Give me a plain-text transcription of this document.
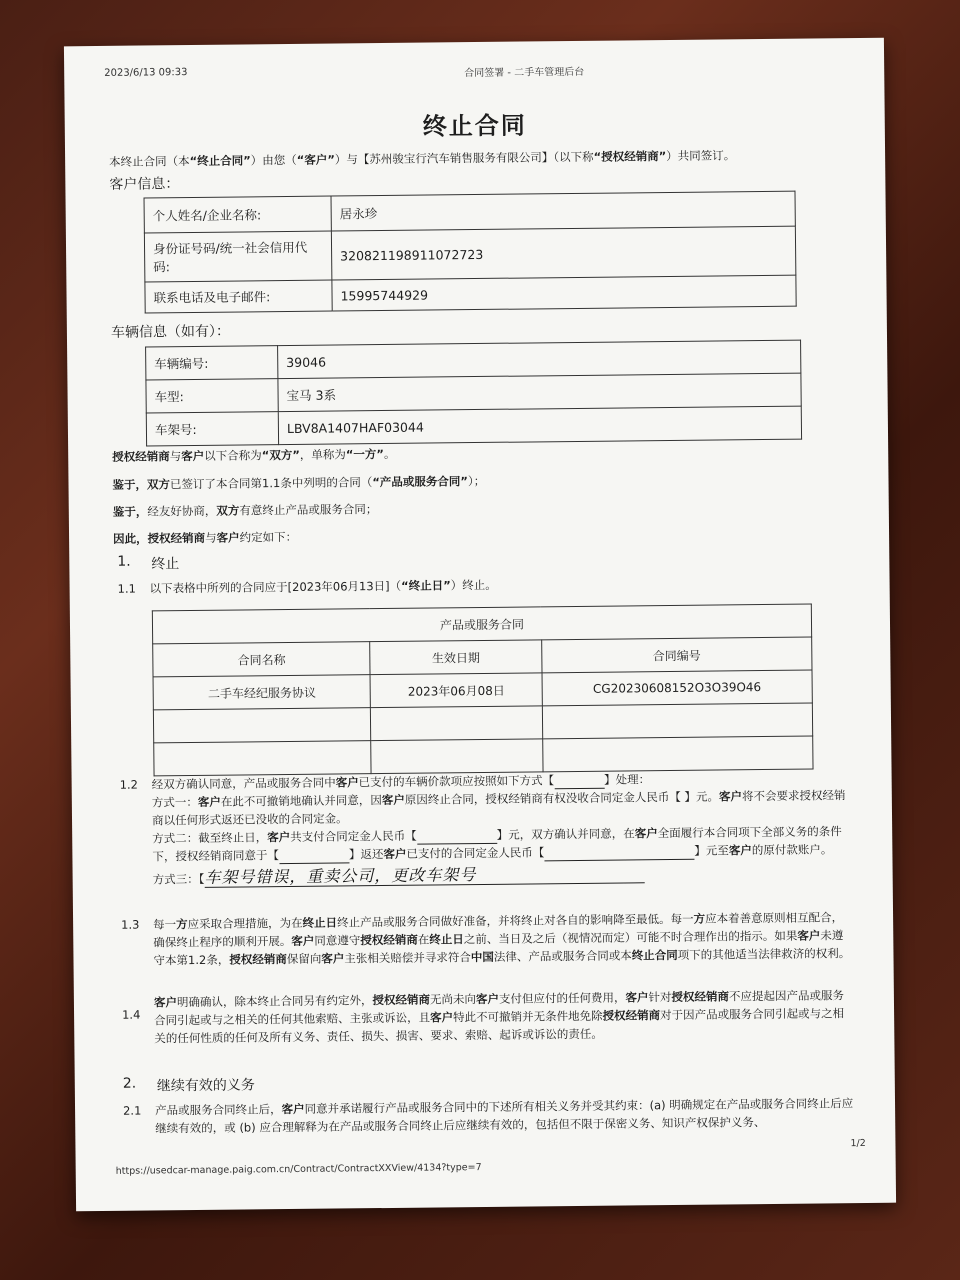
2023/6/13 09:33	合同签署 - 二手车管理后台
终止合同
本终止合同（本“终止合同”）由您（“客户”）与【苏州骏宝行汽车销售服务有限公司】（以下称“授权经销商”）共同签订。
客户信息：
个人姓名/企业名称:	居永珍
身份证号码/统一社会信用代码:	320821198911072723
联系电话及电子邮件:	15995744929
车辆信息（如有）：
车辆编号:	39046
车型:	宝马 3系
车架号:	LBV8A1407HAF03044
授权经销商与客户以下合称为“双方”，单称为“一方”。
鉴于，双方已签订了本合同第1.1条中列明的合同（“产品或服务合同”）；
鉴于，经友好协商，双方有意终止产品或服务合同；
因此，授权经销商与客户约定如下：
1. 终止
1.1 以下表格中所列的合同应于[2023年06月13日]（“终止日”）终止。
产品或服务合同		
合同名称	生效日期	合同编号
二手车经纪服务协议	2023年06月08日	CG20230608152O3O39O46

1.2 经双方确认同意，产品或服务合同中客户已支付的车辆价款项应按照如下方式【	】处理：
方式一：客户在此不可撤销地确认并同意，因客户原因终止合同，授权经销商有权没收合同定金人民币【 】元。客户将不会要求授权经销商以任何形式返还已没收的合同定金。
方式二：截至终止日，客户共支付合同定金人民币【	】元，双方确认并同意，在客户全面履行本合同项下全部义务的条件下，授权经销商同意于【	】返还客户已支付的合同定金人民币【	】元至客户的原付款账户。
方式三：【车架号错误，重卖公司，更改车架号
1.3 每一方应采取合理措施，为在终止日终止产品或服务合同做好准备，并将终止对各自的影响降至最低。每一方应本着善意原则相互配合，确保终止程序的顺利开展。客户同意遵守授权经销商在终止日之前、当日及之后（视情况而定）可能不时合理作出的指示。如果客户未遵守本第1.2条，授权经销商保留向客户主张相关赔偿并寻求符合中国法律、产品或服务合同或本终止合同项下的其他适当法律救济的权利。
1.4
客户明确确认，除本终止合同另有约定外，授权经销商无尚未向客户支付但应付的任何费用，客户针对授权经销商不应提起因产品或服务合同引起或与之相关的任何其他索赔、主张或诉讼，且客户特此不可撤销并无条件地免除授权经销商对于因产品或服务合同引起或与之相关的任何性质的任何及所有义务、责任、损失、损害、要求、索赔、起诉或诉讼的责任。
2. 继续有效的义务
2.1 产品或服务合同终止后，客户同意并承诺履行产品或服务合同中的下述所有相关义务并受其约束：(a) 明确规定在产品或服务合同终止后应继续有效的，或 (b) 应合理解释为在产品或服务合同终止后应继续有效的，包括但不限于保密义务、知识产权保护义务、
1/2
https://usedcar-manage.paig.com.cn/Contract/ContractXXView/4134?type=7
